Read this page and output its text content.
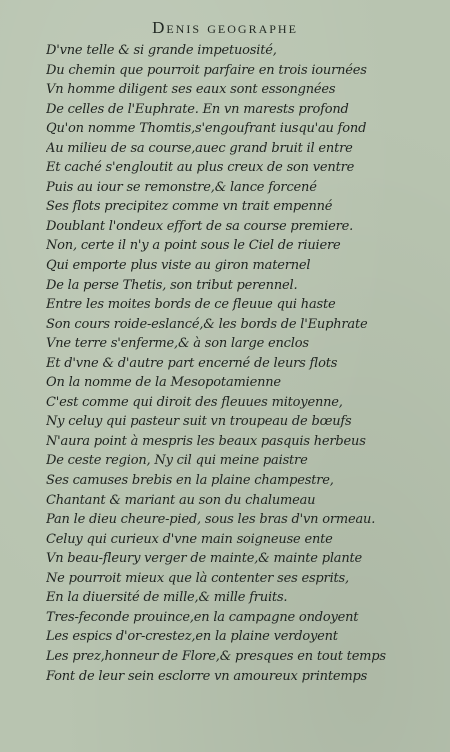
Denis geographe
D'vne telle & si grande impetuosité,
Du chemin que pourroit parfaire en trois iournées
Vn homme diligent ses eaux sont essongnées
De celles de l'Euphrate. En vn marests profond
Qu'on nomme Thomtis,s'engoufrant iusqu'au fond
Au milieu de sa course,auec grand bruit il entre
Et caché s'engloutit au plus creux de son ventre
Puis au iour se remonstre,& lance forcené
Ses flots precipitez comme vn trait empenné
Doublant l'ondeux effort de sa course premiere.
Non, certe il n'y a point sous le Ciel de riuiere
Qui emporte plus viste au giron maternel
De la perse Thetis, son tribut perennel.
Entre les moites bords de ce fleuue qui haste
Son cours roide-eslancé,& les bords de l'Euphrate
Vne terre s'enferme,& à son large enclos
Et d'vne & d'autre part encerné de leurs flots
On la nomme de la Mesopotamienne
C'est comme qui diroit des fleuues mitoyenne,
Ny celuy qui pasteur suit vn troupeau de bœufs
N'aura point à mespris les beaux pasquis herbeus
De ceste region, Ny cil qui meine paistre
Ses camuses brebis en la plaine champestre,
Chantant & mariant au son du chalumeau
Pan le dieu cheure-pied, sous les bras d'vn ormeau.
Celuy qui curieux d'vne main soigneuse ente
Vn beau-fleury verger de mainte,& mainte plante
Ne pourroit mieux que là contenter ses esprits,
En la diuersité de mille,& mille fruits.
Tres-feconde prouince,en la campagne ondoyent
Les espics d'or-crestez,en la plaine verdoyent
Les prez,honneur de Flore,& presques en tout temps
Font de leur sein esclorre vn amoureux printemps
